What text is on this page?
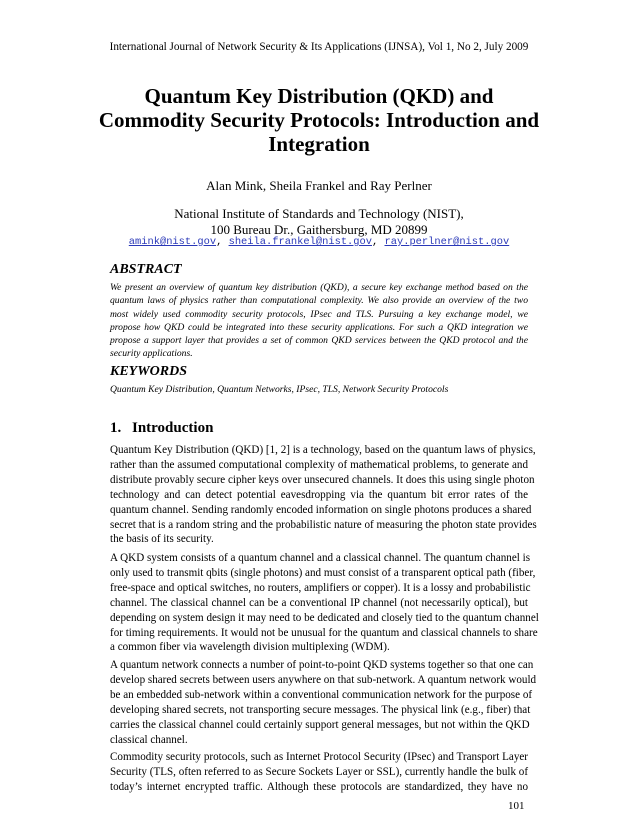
International Journal of Network Security & Its Applications (IJNSA), Vol 1, No 2, July 2009
Quantum Key Distribution (QKD) and
Commodity Security Protocols: Introduction and
Integration
Alan Mink, Sheila Frankel and Ray Perlner
National Institute of Standards and Technology (NIST),
100 Bureau Dr., Gaithersburg, MD 20899
amink@nist.gov, sheila.frankel@nist.gov, ray.perlner@nist.gov
ABSTRACT
We present an overview of quantum key distribution (QKD), a secure key exchange method based on the
quantum laws of physics rather than computational complexity. We also provide an overview of the two
most widely used commodity security protocols, IPsec and TLS. Pursuing a key exchange model, we
propose how QKD could be integrated into these security applications. For such a QKD integration we
propose a support layer that provides a set of common QKD services between the QKD protocol and the
security applications.
KEYWORDS
Quantum Key Distribution, Quantum Networks, IPsec, TLS, Network Security Protocols
1. Introduction
Quantum Key Distribution (QKD) [1, 2] is a technology, based on the quantum laws of physics,
rather than the assumed computational complexity of mathematical problems, to generate and
distribute provably secure cipher keys over unsecured channels. It does this using single photon
technology and can detect potential eavesdropping via the quantum bit error rates of the
quantum channel. Sending randomly encoded information on single photons produces a shared
secret that is a random string and the probabilistic nature of measuring the photon state provides
the basis of its security.
A QKD system consists of a quantum channel and a classical channel. The quantum channel is
only used to transmit qbits (single photons) and must consist of a transparent optical path (fiber,
free-space and optical switches, no routers, amplifiers or copper). It is a lossy and probabilistic
channel. The classical channel can be a conventional IP channel (not necessarily optical), but
depending on system design it may need to be dedicated and closely tied to the quantum channel
for timing requirements. It would not be unusual for the quantum and classical channels to share
a common fiber via wavelength division multiplexing (WDM).
A quantum network connects a number of point-to-point QKD systems together so that one can
develop shared secrets between users anywhere on that sub-network. A quantum network would
be an embedded sub-network within a conventional communication network for the purpose of
developing shared secrets, not transporting secure messages. The physical link (e.g., fiber) that
carries the classical channel could certainly support general messages, but not within the QKD
classical channel.
Commodity security protocols, such as Internet Protocol Security (IPsec) and Transport Layer
Security (TLS, often referred to as Secure Sockets Layer or SSL), currently handle the bulk of
today’s internet encrypted traffic. Although these protocols are standardized, they have no
101
